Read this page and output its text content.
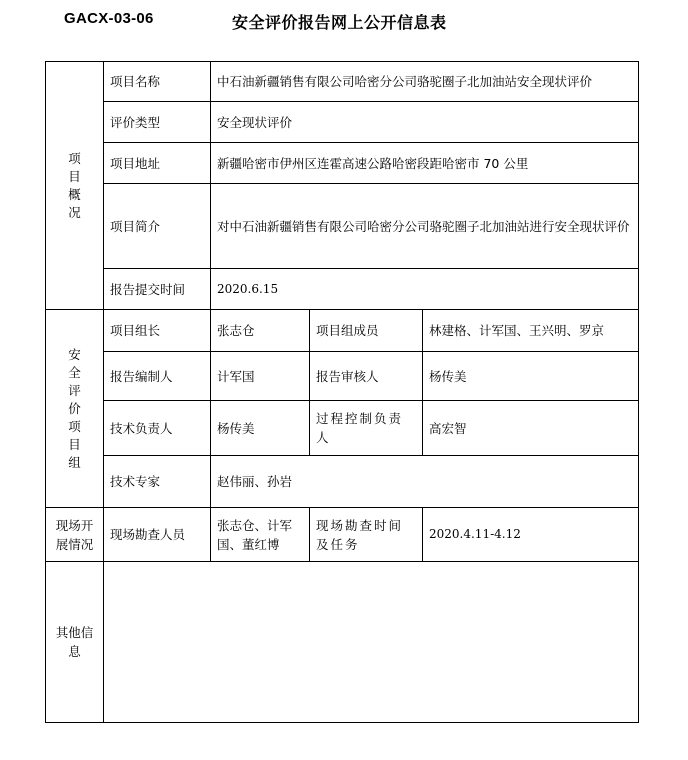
GACX-03-06	安全评价报告网上公开信息表
项目概况	项目名称	中石油新疆销售有限公司哈密分公司骆驼圈子北加油站安全现状评价		
	评价类型	安全现状评价		
	项目地址	新疆哈密市伊州区连霍高速公路哈密段距哈密市 70 公里		
	项目简介	对中石油新疆销售有限公司哈密分公司骆驼圈子北加油站进行安全现状评价		
	报告提交时间	2020.6.15		
安全评价项目组	项目组长	张志仓	项目组成员	林建格、计军国、王兴明、罗京
	报告编制人	计军国	报告审核人	杨传美
	技术负责人	杨传美	过程控制负责人	高宏智
	技术专家	赵伟丽、孙岩		
现场开展情况	现场勘查人员	张志仓、计军国、董红博	现场勘查时间及任务	2020.4.11-4.12
其他信息				
